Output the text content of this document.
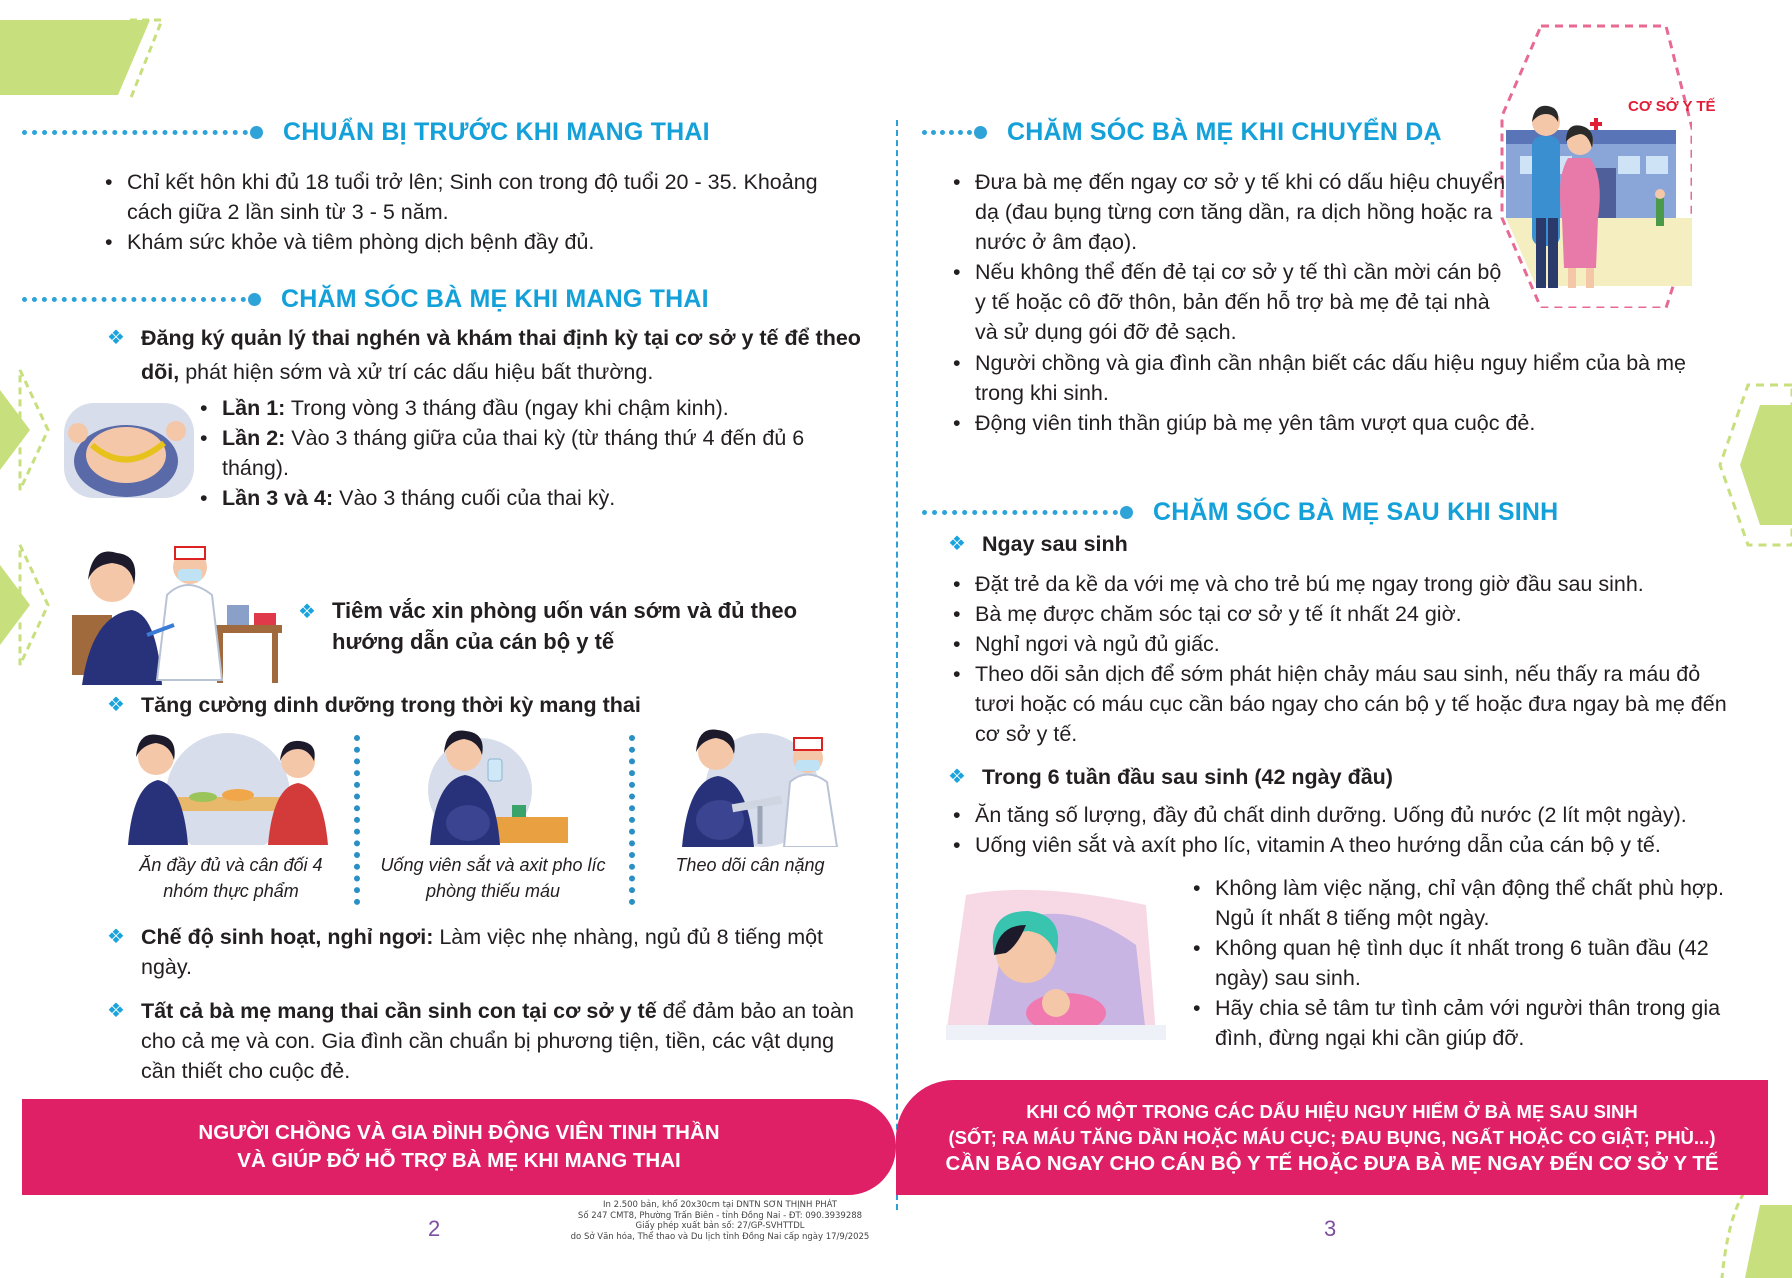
CHUẨN BỊ TRƯỚC KHI MANG THAI
• Chỉ kết hôn khi đủ 18 tuổi trở lên; Sinh con trong độ tuổi 20 - 35. Khoảng cách giữa 2 lần sinh từ 3 - 5 năm.
• Khám sức khỏe và tiêm phòng dịch bệnh đầy đủ.
CHĂM SÓC BÀ MẸ KHI MANG THAI
❖ Đăng ký quản lý thai nghén và khám thai định kỳ tại cơ sở y tế để theo dõi, phát hiện sớm và xử trí các dấu hiệu bất thường.

• Lần 1: Trong vòng 3 tháng đầu (ngay khi chậm kinh).
• Lần 2: Vào 3 tháng giữa của thai kỳ (từ tháng thứ 4 đến đủ 6 tháng).
• Lần 3 và 4: Vào 3 tháng cuối của thai kỳ.
❖ Tiêm vắc xin phòng uốn ván sớm và đủ theo hướng dẫn của cán bộ y tế

❖ Tăng cường dinh dưỡng trong thời kỳ mang thai

Ăn đầy đủ và cân đối 4 nhóm thực phẩm
Uống viên sắt và axit pho líc phòng thiếu máu
Theo dõi cân nặng
❖ Chế độ sinh hoạt, nghỉ ngơi: Làm việc nhẹ nhàng, ngủ đủ 8 tiếng một ngày.

❖ Tất cả bà mẹ mang thai cần sinh con tại cơ sở y tế để đảm bảo an toàn cho cả mẹ và con. Gia đình cần chuẩn bị phương tiện, tiền, các vật dụng cần thiết cho cuộc đẻ.

NGƯỜI CHỒNG VÀ GIA ĐÌNH ĐỘNG VIÊN TINH THẦN
VÀ GIÚP ĐỠ HỖ TRỢ BÀ MẸ KHI MANG THAI
2
In 2.500 bản, khổ 20x30cm tại DNTN SƠN THỊNH PHÁT
Số 247 CMT8, Phường Trấn Biên - tỉnh Đồng Nai - ĐT: 090.3939288
Giấy phép xuất bản số: 27/GP-SVHTTDL
do Sở Văn hóa, Thể thao và Du lịch tỉnh Đồng Nai cấp ngày 17/9/2025
CHĂM SÓC BÀ MẸ KHI CHUYỂN DẠ
CƠ SỞ Y TẾ
• Đưa bà mẹ đến ngay cơ sở y tế khi có dấu hiệu chuyển dạ (đau bụng từng cơn tăng dần, ra dịch hồng hoặc ra nước ở âm đạo).
• Nếu không thể đến đẻ tại cơ sở y tế thì cần mời cán bộ y tế hoặc cô đỡ thôn, bản đến hỗ trợ bà mẹ đẻ tại nhà và sử dụng gói đỡ đẻ sạch.
• Người chồng và gia đình cần nhận biết các dấu hiệu nguy hiểm của bà mẹ trong khi sinh.
• Động viên tinh thần giúp bà mẹ yên tâm vượt qua cuộc đẻ.
CHĂM SÓC BÀ MẸ SAU KHI SINH
❖ Ngay sau sinh

• Đặt trẻ da kề da với mẹ và cho trẻ bú mẹ ngay trong giờ đầu sau sinh.
• Bà mẹ được chăm sóc tại cơ sở y tế ít nhất 24 giờ.
• Nghỉ ngơi và ngủ đủ giấc.
• Theo dõi sản dịch để sớm phát hiện chảy máu sau sinh, nếu thấy ra máu đỏ tươi hoặc có máu cục cần báo ngay cho cán bộ y tế hoặc đưa ngay bà mẹ đến cơ sở y tế.
❖ Trong 6 tuần đầu sau sinh (42 ngày đầu)

• Ăn tăng số lượng, đầy đủ chất dinh dưỡng. Uống đủ nước (2 lít một ngày).
• Uống viên sắt và axít pho líc, vitamin A theo hướng dẫn của cán bộ y tế.
• Không làm việc nặng, chỉ vận động thể chất phù hợp. Ngủ ít nhất 8 tiếng một ngày.
• Không quan hệ tình dục ít nhất trong 6 tuần đầu (42 ngày) sau sinh.
• Hãy chia sẻ tâm tư tình cảm với người thân trong gia đình, đừng ngại khi cần giúp đỡ.
KHI CÓ MỘT TRONG CÁC DẤU HIỆU NGUY HIỂM Ở BÀ MẸ SAU SINH
(SỐT; RA MÁU TĂNG DẦN HOẶC MÁU CỤC; ĐAU BỤNG, NGẤT HOẶC CO GIẬT; PHÙ...)
CẦN BÁO NGAY CHO CÁN BỘ Y TẾ HOẶC ĐƯA BÀ MẸ NGAY ĐẾN CƠ SỞ Y TẾ
3
